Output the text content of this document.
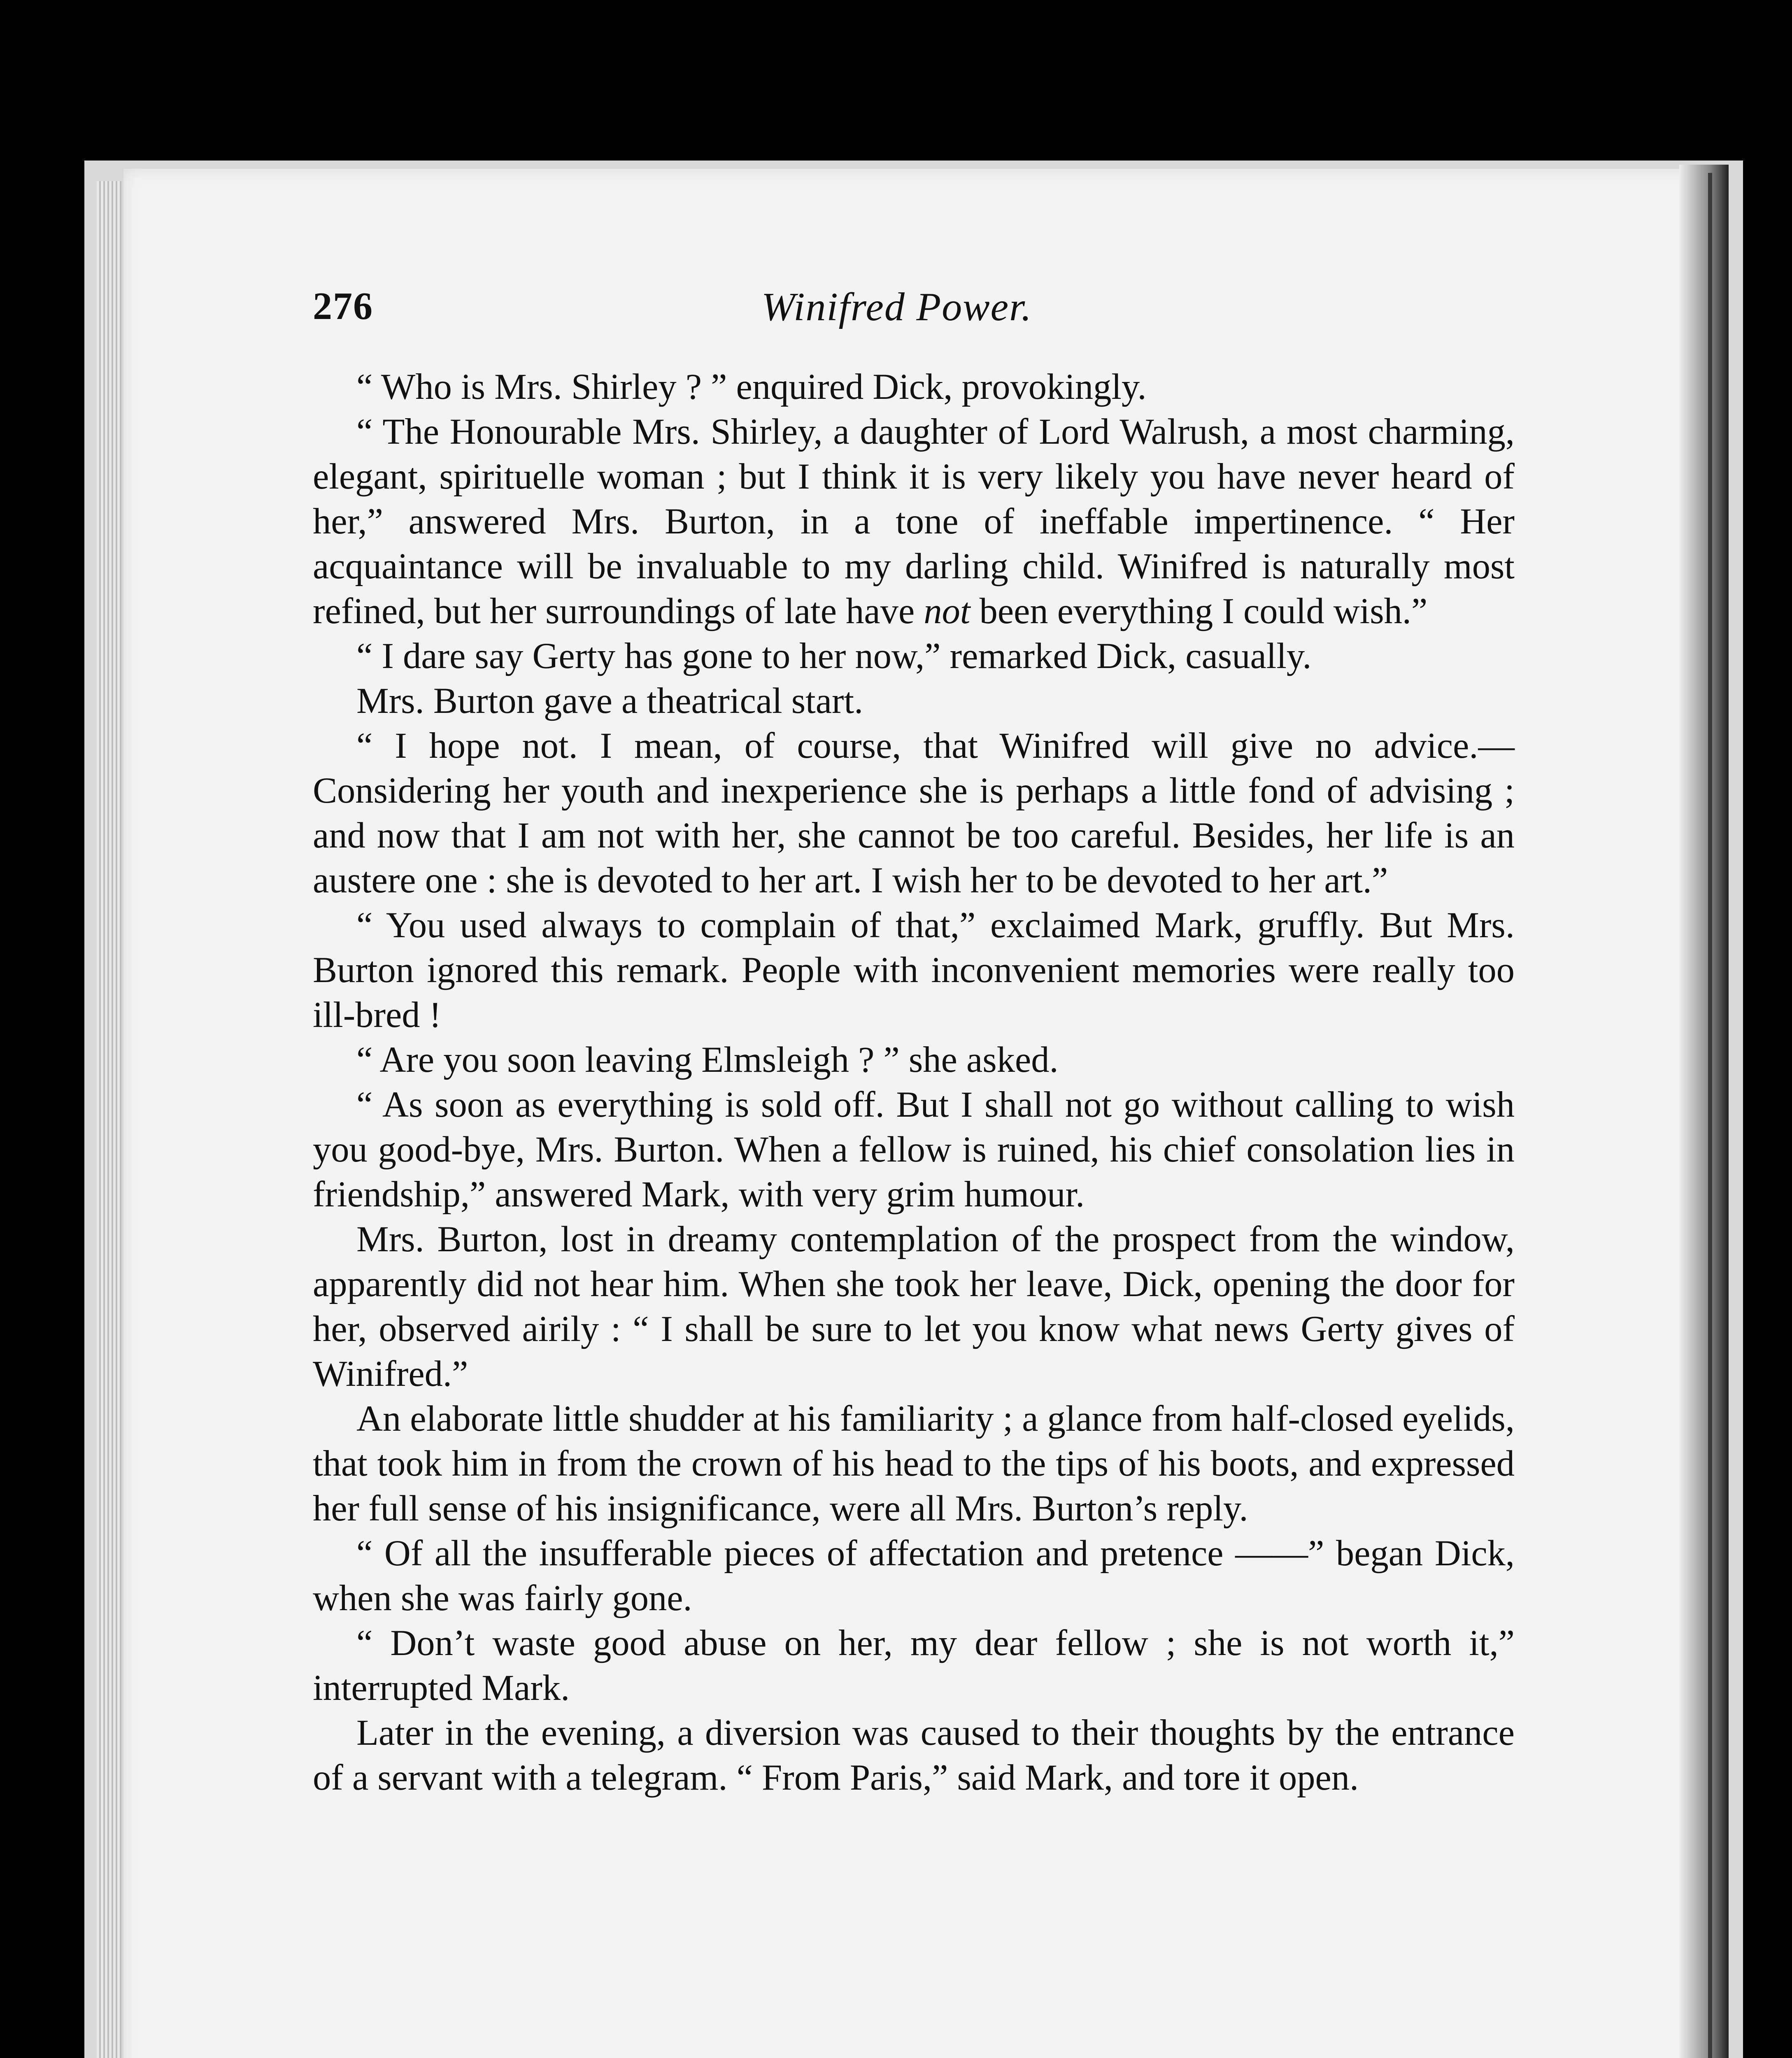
276	Winifred Power.

“ Who is Mrs. Shirley ? ” enquired Dick, provokingly.

“ The Honourable Mrs. Shirley, a daughter of Lord Walrush, a most charming, elegant, spirituelle woman ; but I think it is very likely you have never heard of her,” answered Mrs. Burton, in a tone of ineffable impertinence. “ Her acquaintance will be invaluable to my darling child. Winifred is naturally most refined, but her surroundings of late have not been everything I could wish.”

“ I dare say Gerty has gone to her now,” remarked Dick, casually.

Mrs. Burton gave a theatrical start.

“ I hope not. I mean, of course, that Winifred will give no advice.—Considering her youth and inexperience she is perhaps a little fond of advising ; and now that I am not with her, she cannot be too careful. Besides, her life is an austere one : she is devoted to her art. I wish her to be devoted to her art.”

“ You used always to complain of that,” exclaimed Mark, gruffly. But Mrs. Burton ignored this remark. People with inconvenient memories were really too ill-bred !

“ Are you soon leaving Elmsleigh ? ” she asked.

“ As soon as everything is sold off. But I shall not go without calling to wish you good-bye, Mrs. Burton. When a fellow is ruined, his chief consolation lies in friendship,” answered Mark, with very grim humour.

Mrs. Burton, lost in dreamy contemplation of the prospect from the window, apparently did not hear him. When she took her leave, Dick, opening the door for her, observed airily : “ I shall be sure to let you know what news Gerty gives of Winifred.”

An elaborate little shudder at his familiarity ; a glance from half-closed eyelids, that took him in from the crown of his head to the tips of his boots, and expressed her full sense of his insignificance, were all Mrs. Burton’s reply.

“ Of all the insufferable pieces of affectation and pretence ——” began Dick, when she was fairly gone.

“ Don’t waste good abuse on her, my dear fellow ; she is not worth it,” interrupted Mark.

Later in the evening, a diversion was caused to their thoughts by the entrance of a servant with a telegram. “ From Paris,” said Mark, and tore it open.
